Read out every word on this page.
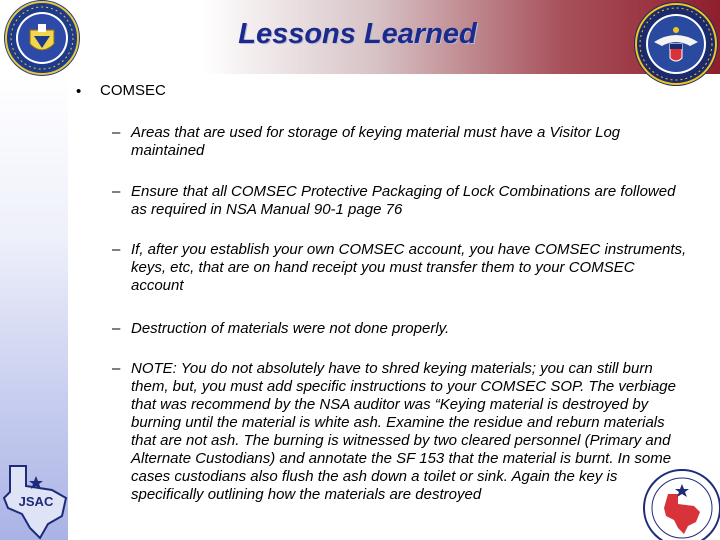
Lessons Learned
• COMSEC
– Areas that are used for storage of keying material must have a Visitor Log maintained
– Ensure that all COMSEC Protective Packaging of Lock Combinations are followed as required in NSA Manual 90-1 page 76
– If, after you establish your own COMSEC account, you have COMSEC instruments, keys, etc, that are on hand receipt you must transfer them to your COMSEC account
– Destruction of materials were not done properly.
– NOTE: You do not absolutely have to shred keying materials; you can still burn them, but, you must add specific instructions to your COMSEC SOP. The verbiage that was recommend by the NSA auditor was “Keying material is destroyed by burning until the material is white ash. Examine the residue and reburn materials that are not ash. The burning is witnessed by two cleared personnel (Primary and Alternate Custodians) and annotate the SF 153 that the material is burnt. In some cases custodians also flush the ash down a toilet or sink. Again the key is specifically outlining how the materials are destroyed
JSAC
